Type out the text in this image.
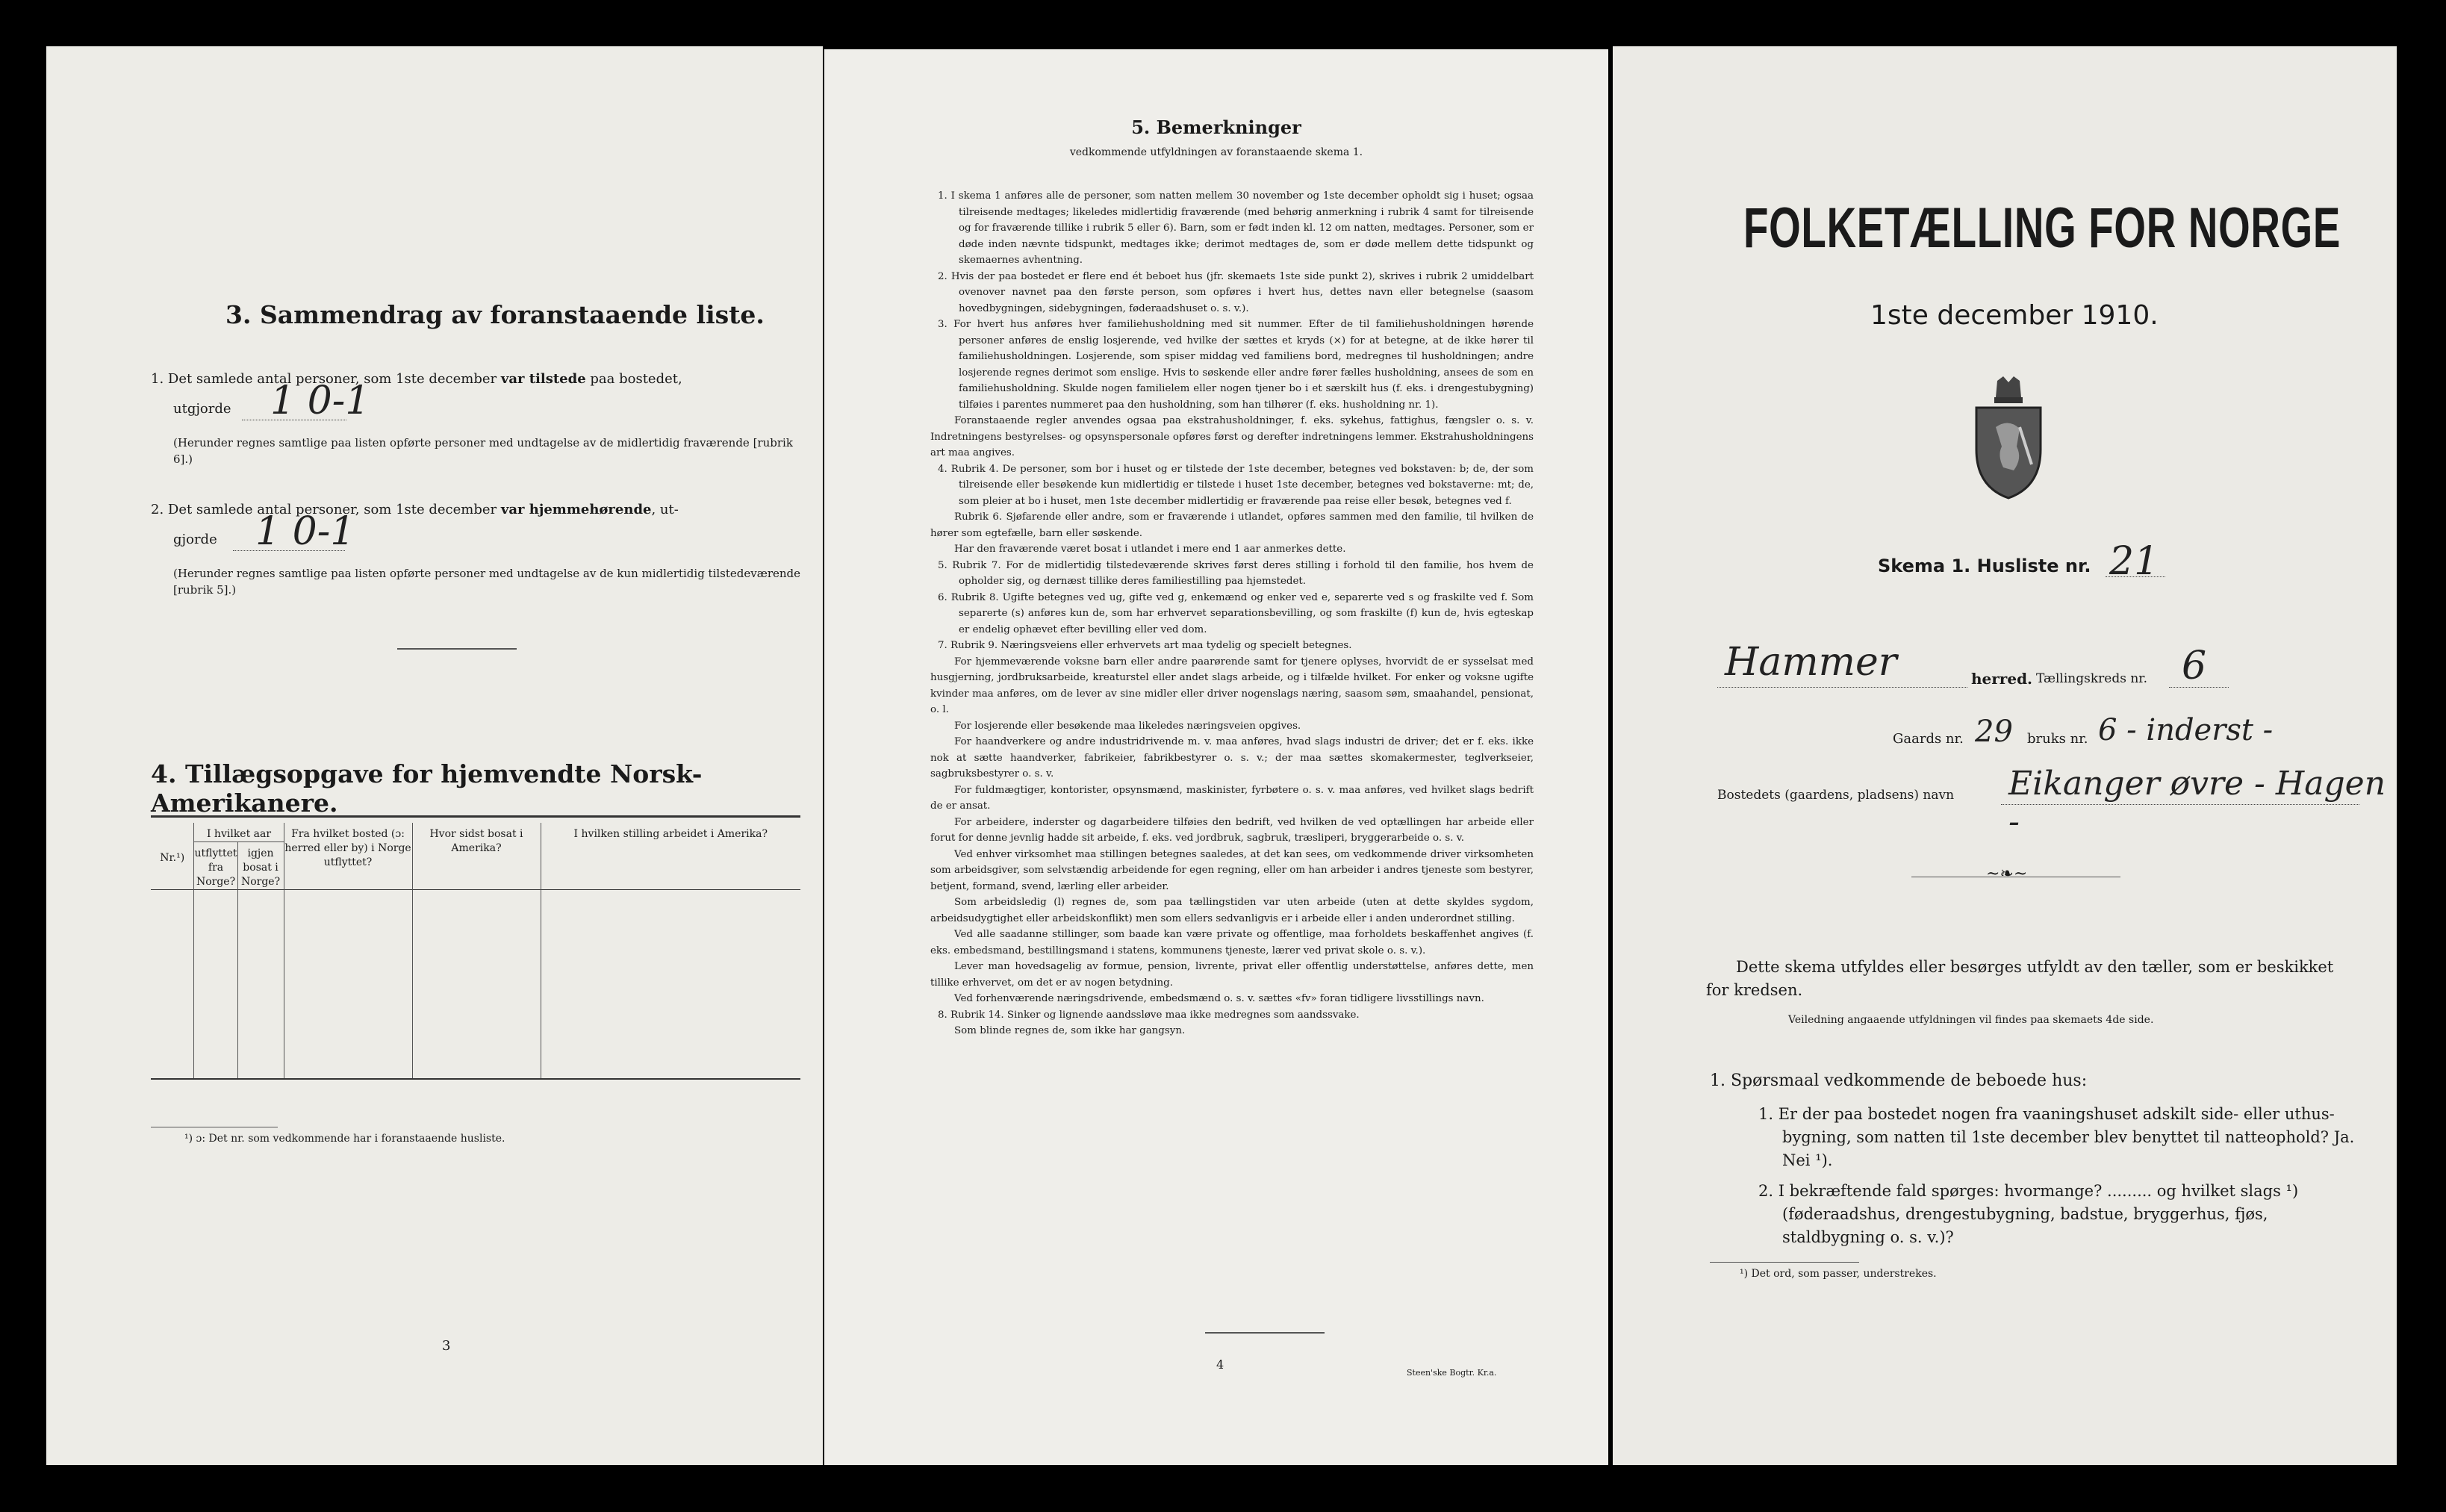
3. Sammendrag av foranstaaende liste.
1. Det samlede antal personer, som 1ste december var tilstede paa bostedet,
utgjorde 1 0-1
(Herunder regnes samtlige paa listen opførte personer med undtagelse av de midlertidig fraværende [rubrik 6].)
2. Det samlede antal personer, som 1ste december var hjemmehørende, ut-
gjorde 1 0-1
(Herunder regnes samtlige paa listen opførte personer med undtagelse av de kun midlertidig tilstedeværende [rubrik 5].)
4. Tillægsopgave for hjemvendte Norsk-Amerikanere.
Nr.¹)	I hvilket aar		Fra hvilket bosted (ɔ: herred eller by) i Norge utflyttet?	Hvor sidst bosat i Amerika?	I hvilken stilling arbeidet i Amerika?
	utflyttet fra Norge?	igjen bosat i Norge?			

¹) ɔ: Det nr. som vedkommende har i foranstaaende husliste.
3
5. Bemerkninger
vedkommende utfyldningen av foranstaaende skema 1.

1. I skema 1 anføres alle de personer, som natten mellem 30 november og 1ste december opholdt sig i huset; ogsaa tilreisende medtages; likeledes midlertidig fraværende (med behørig anmerkning i rubrik 4 samt for tilreisende og for fraværende tillike i rubrik 5 eller 6). Barn, som er født inden kl. 12 om natten, medtages. Personer, som er døde inden nævnte tidspunkt, medtages ikke; derimot medtages de, som er døde mellem dette tidspunkt og skemaernes avhentning.

2. Hvis der paa bostedet er flere end ét beboet hus (jfr. skemaets 1ste side punkt 2), skrives i rubrik 2 umiddelbart ovenover navnet paa den første person, som opføres i hvert hus, dettes navn eller betegnelse (saasom hovedbygningen, sidebygningen, føderaadshuset o. s. v.).

3. For hvert hus anføres hver familiehusholdning med sit nummer. Efter de til familiehusholdningen hørende personer anføres de enslig losjerende, ved hvilke der sættes et kryds (×) for at betegne, at de ikke hører til familiehusholdningen. Losjerende, som spiser middag ved familiens bord, medregnes til husholdningen; andre losjerende regnes derimot som enslige. Hvis to søskende eller andre fører fælles husholdning, ansees de som en familiehusholdning. Skulde nogen familielem eller nogen tjener bo i et særskilt hus (f. eks. i drengestubygning) tilføies i parentes nummeret paa den husholdning, som han tilhører (f. eks. husholdning nr. 1).

Foranstaaende regler anvendes ogsaa paa ekstrahusholdninger, f. eks. sykehus, fattighus, fængsler o. s. v. Indretningens bestyrelses- og opsynspersonale opføres først og derefter indretningens lemmer. Ekstrahusholdningens art maa angives.

4. Rubrik 4. De personer, som bor i huset og er tilstede der 1ste december, betegnes ved bokstaven: b; de, der som tilreisende eller besøkende kun midlertidig er tilstede i huset 1ste december, betegnes ved bokstaverne: mt; de, som pleier at bo i huset, men 1ste december midlertidig er fraværende paa reise eller besøk, betegnes ved f.

Rubrik 6. Sjøfarende eller andre, som er fraværende i utlandet, opføres sammen med den familie, til hvilken de hører som egtefælle, barn eller søskende.

Har den fraværende været bosat i utlandet i mere end 1 aar anmerkes dette.

5. Rubrik 7. For de midlertidig tilstedeværende skrives først deres stilling i forhold til den familie, hos hvem de opholder sig, og dernæst tillike deres familiestilling paa hjemstedet.

6. Rubrik 8. Ugifte betegnes ved ug, gifte ved g, enkemænd og enker ved e, separerte ved s og fraskilte ved f. Som separerte (s) anføres kun de, som har erhvervet separationsbevilling, og som fraskilte (f) kun de, hvis egteskap er endelig ophævet efter bevilling eller ved dom.

7. Rubrik 9. Næringsveiens eller erhvervets art maa tydelig og specielt betegnes.

For hjemmeværende voksne barn eller andre paarørende samt for tjenere oplyses, hvorvidt de er sysselsat med husgjerning, jordbruksarbeide, kreaturstel eller andet slags arbeide, og i tilfælde hvilket. For enker og voksne ugifte kvinder maa anføres, om de lever av sine midler eller driver nogenslags næring, saasom søm, smaahandel, pensionat, o. l.

For losjerende eller besøkende maa likeledes næringsveien opgives.

For haandverkere og andre industridrivende m. v. maa anføres, hvad slags industri de driver; det er f. eks. ikke nok at sætte haandverker, fabrikeier, fabrikbestyrer o. s. v.; der maa sættes skomakermester, teglverkseier, sagbruksbestyrer o. s. v.

For fuldmægtiger, kontorister, opsynsmænd, maskinister, fyrbøtere o. s. v. maa anføres, ved hvilket slags bedrift de er ansat.

For arbeidere, inderster og dagarbeidere tilføies den bedrift, ved hvilken de ved optællingen har arbeide eller forut for denne jevnlig hadde sit arbeide, f. eks. ved jordbruk, sagbruk, træsliperi, bryggerarbeide o. s. v.

Ved enhver virksomhet maa stillingen betegnes saaledes, at det kan sees, om vedkommende driver virksomheten som arbeidsgiver, som selvstændig arbeidende for egen regning, eller om han arbeider i andres tjeneste som bestyrer, betjent, formand, svend, lærling eller arbeider.

Som arbeidsledig (l) regnes de, som paa tællingstiden var uten arbeide (uten at dette skyldes sygdom, arbeidsudygtighet eller arbeidskonflikt) men som ellers sedvanligvis er i arbeide eller i anden underordnet stilling.

Ved alle saadanne stillinger, som baade kan være private og offentlige, maa forholdets beskaffenhet angives (f. eks. embedsmand, bestillingsmand i statens, kommunens tjeneste, lærer ved privat skole o. s. v.).

Lever man hovedsagelig av formue, pension, livrente, privat eller offentlig understøttelse, anføres dette, men tillike erhvervet, om det er av nogen betydning.

Ved forhenværende næringsdrivende, embedsmænd o. s. v. sættes «fv» foran tidligere livsstillings navn.

8. Rubrik 14. Sinker og lignende aandssløve maa ikke medregnes som aandssvake.

Som blinde regnes de, som ikke har gangsyn.

4
Steen'ske Bogtr. Kr.a.
FOLKETÆLLING FOR NORGE
1ste december 1910.
Skema 1. Husliste nr. 21
Hammer	herred. Tællingskreds nr. 6
Gaards nr. 29 bruks nr. 6 - inderst -
Bostedets (gaardens, pladsens) navn Eikanger øvre - Hagen -
~❧~
Dette skema utfyldes eller besørges utfyldt av den tæller, som er beskikket for kredsen.
Veiledning angaaende utfyldningen vil findes paa skemaets 4de side.
1. Spørsmaal vedkommende de beboede hus:
1. Er der paa bostedet nogen fra vaaningshuset adskilt side- eller uthus-bygning, som natten til 1ste december blev benyttet til natteophold? Ja. Nei ¹).
2. I bekræftende fald spørges: hvormange? ......... og hvilket slags ¹) (føderaadshus, drengestubygning, badstue, bryggerhus, fjøs, staldbygning o. s. v.)?
¹) Det ord, som passer, understrekes.
